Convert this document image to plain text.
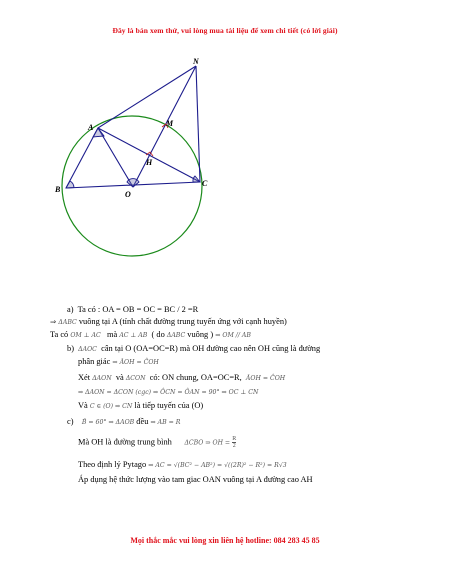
Đây là bản xem thử, vui lòng mua tài liệu để xem chi tiết (có lời giải)
A
B
C
O
H
M
N
a) Ta có : OA = OB = OC = BC / 2 =R
⇒ ΔABC vuông tại A (tính chất đường trung tuyến ứng với cạnh huyền)
Ta có OM ⊥ AC mà AC ⊥ AB ( do ΔABC vuông ) ⇒ OM // AB
b) ΔAOC cân tại O (OA=OC=R) mà OH đường cao nên OH cũng là đường
phân giác ⇒ ÂOH = ĈOH
Xét ΔAON và ΔCON có: ON chung, OA=OC=R, ÂOH = ĈOH
⇒ ΔAON = ΔCON (cgc) ⇒ ÔCN = ÔAN = 90° ⇒ OC ⊥ CN
Và C ∈ (O) ⇒ CN là tiếp tuyến của (O)
c) B̂ = 60° ⇒ ΔAOB đều ⇒ AB = R
Mà OH là đường trung bình ΔCBO ⇒ OH = $\frac{R}{2}$
Theo định lý Pytago ⇒ AC = √(BC² − AB²) = √((2R)² − R²) = R√3
Áp dụng hệ thức lượng vào tam giac OAN vuông tại A đường cao AH
Mọi thắc mắc vui lòng xin liên hệ hotline: 084 283 45 85
